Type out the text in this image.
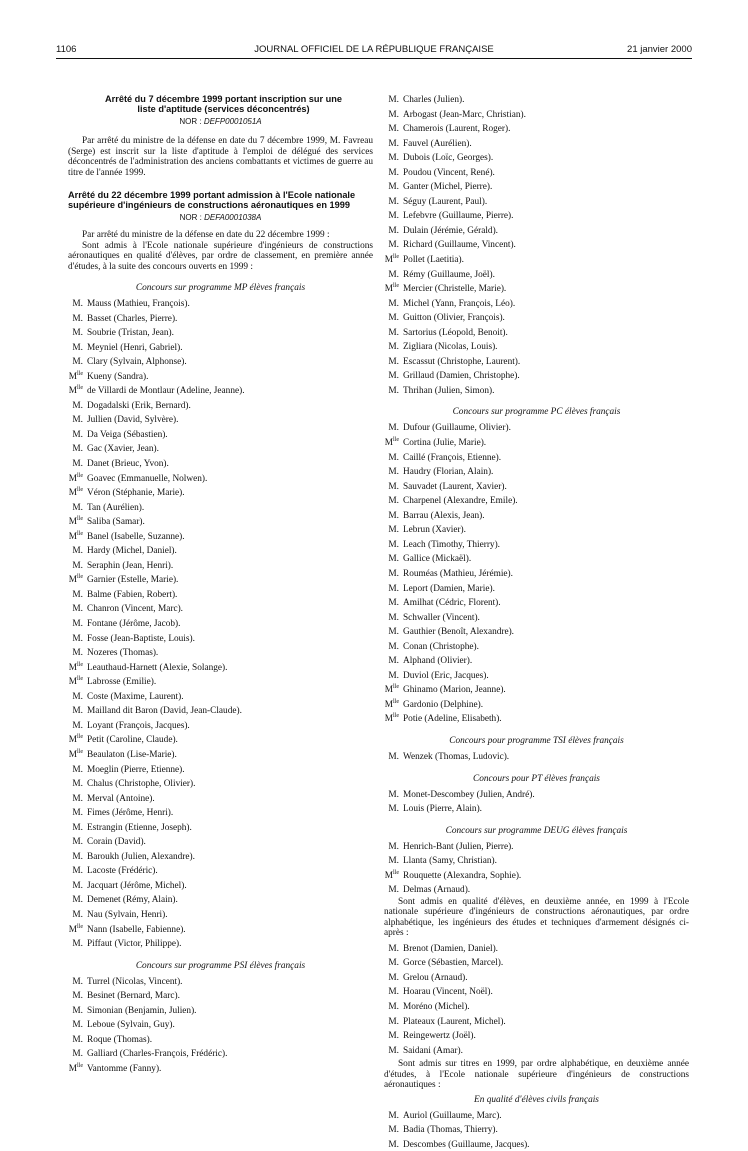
1106	JOURNAL OFFICIEL DE LA RÉPUBLIQUE FRANÇAISE	21 janvier 2000
Arrêté du 7 décembre 1999 portant inscription sur une liste d'aptitude (services déconcentrés)
NOR : DEFP0001051A

Par arrêté du ministre de la défense en date du 7 décembre 1999, M. Favreau (Serge) est inscrit sur la liste d'aptitude à l'emploi de délégué des services déconcentrés de l'administration des anciens combattants et victimes de guerre au titre de l'année 1999.

Arrêté du 22 décembre 1999 portant admission à l'Ecole nationale supérieure d'ingénieurs de constructions aéronautiques en 1999
NOR : DEFA0001038A

Par arrêté du ministre de la défense en date du 22 décembre 1999 :

Sont admis à l'Ecole nationale supérieure d'ingénieurs de constructions aéronautiques en qualité d'élèves, par ordre de classement, en première année d'études, à la suite des concours ouverts en 1999 :

Concours sur programme MP élèves français
M. Mauss (Mathieu, François).
M. Basset (Charles, Pierre).
M. Soubrie (Tristan, Jean).
M. Meyniel (Henri, Gabriel).
M. Clary (Sylvain, Alphonse).
$M^{lle}$ Kueny (Sandra).
$M^{lle}$ de Villardi de Montlaur (Adeline, Jeanne).
M. Dogadalski (Erik, Bernard).
M. Jullien (David, Sylvère).
M. Da Veiga (Sébastien).
M. Gac (Xavier, Jean).
M. Danet (Brieuc, Yvon).
$M^{lle}$ Goavec (Emmanuelle, Nolwen).
$M^{lle}$ Véron (Stéphanie, Marie).
M. Tan (Aurélien).
$M^{lle}$ Saliba (Samar).
$M^{lle}$ Banel (Isabelle, Suzanne).
M. Hardy (Michel, Daniel).
M. Seraphin (Jean, Henri).
$M^{lle}$ Garnier (Estelle, Marie).
M. Balme (Fabien, Robert).
M. Chanron (Vincent, Marc).
M. Fontane (Jérôme, Jacob).
M. Fosse (Jean-Baptiste, Louis).
M. Nozeres (Thomas).
$M^{lle}$ Leauthaud-Harnett (Alexie, Solange).
$M^{lle}$ Labrosse (Emilie).
M. Coste (Maxime, Laurent).
M. Mailland dit Baron (David, Jean-Claude).
M. Loyant (François, Jacques).
$M^{lle}$ Petit (Caroline, Claude).
$M^{lle}$ Beaulaton (Lise-Marie).
M. Moeglin (Pierre, Etienne).
M. Chalus (Christophe, Olivier).
M. Merval (Antoine).
M. Fimes (Jérôme, Henri).
M. Estrangin (Etienne, Joseph).
M. Corain (David).
M. Baroukh (Julien, Alexandre).
M. Lacoste (Frédéric).
M. Jacquart (Jérôme, Michel).
M. Demenet (Rémy, Alain).
M. Nau (Sylvain, Henri).
$M^{lle}$ Nann (Isabelle, Fabienne).
M. Piffaut (Victor, Philippe).
Concours sur programme PSI élèves français
M. Turrel (Nicolas, Vincent).
M. Besinet (Bernard, Marc).
M. Simonian (Benjamin, Julien).
M. Leboue (Sylvain, Guy).
M. Roque (Thomas).
M. Galliard (Charles-François, Frédéric).
$M^{lle}$ Vantomme (Fanny).
M. Charles (Julien).
M. Arbogast (Jean-Marc, Christian).
M. Chamerois (Laurent, Roger).
M. Fauvel (Aurélien).
M. Dubois (Loïc, Georges).
M. Poudou (Vincent, René).
M. Ganter (Michel, Pierre).
M. Séguy (Laurent, Paul).
M. Lefebvre (Guillaume, Pierre).
M. Dulain (Jérémie, Gérald).
M. Richard (Guillaume, Vincent).
$M^{lle}$ Pollet (Laetitia).
M. Rémy (Guillaume, Joël).
$M^{lle}$ Mercier (Christelle, Marie).
M. Michel (Yann, François, Léo).
M. Guitton (Olivier, François).
M. Sartorius (Léopold, Benoit).
M. Zigliara (Nicolas, Louis).
M. Escassut (Christophe, Laurent).
M. Grillaud (Damien, Christophe).
M. Thrihan (Julien, Simon).
Concours sur programme PC élèves français
M. Dufour (Guillaume, Olivier).
$M^{lle}$ Cortina (Julie, Marie).
M. Caillé (François, Etienne).
M. Haudry (Florian, Alain).
M. Sauvadet (Laurent, Xavier).
M. Charpenel (Alexandre, Emile).
M. Barrau (Alexis, Jean).
M. Lebrun (Xavier).
M. Leach (Timothy, Thierry).
M. Gallice (Mickaël).
M. Rouméas (Mathieu, Jérémie).
M. Leport (Damien, Marie).
M. Amilhat (Cédric, Florent).
M. Schwaller (Vincent).
M. Gauthier (Benoît, Alexandre).
M. Conan (Christophe).
M. Alphand (Olivier).
M. Duviol (Eric, Jacques).
$M^{lle}$ Ghinamo (Marion, Jeanne).
$M^{lle}$ Gardonio (Delphine).
$M^{lle}$ Potie (Adeline, Elisabeth).
Concours pour programme TSI élèves français
M. Wenzek (Thomas, Ludovic).
Concours pour PT élèves français
M. Monet-Descombey (Julien, André).
M. Louis (Pierre, Alain).
Concours sur programme DEUG élèves français
M. Henrich-Bant (Julien, Pierre).
M. Llanta (Samy, Christian).
$M^{lle}$ Rouquette (Alexandra, Sophie).
M. Delmas (Arnaud).

Sont admis en qualité d'élèves, en deuxième année, en 1999 à l'Ecole nationale supérieure d'ingénieurs de constructions aéronautiques, par ordre alphabétique, les ingénieurs des études et techniques d'armement désignés ci-après :

M. Brenot (Damien, Daniel).
M. Gorce (Sébastien, Marcel).
M. Grelou (Arnaud).
M. Hoarau (Vincent, Noël).
M. Moréno (Michel).
M. Plateaux (Laurent, Michel).
M. Reingewertz (Joël).
M. Saidani (Amar).

Sont admis sur titres en 1999, par ordre alphabétique, en deuxième année d'études, à l'Ecole nationale supérieure d'ingénieurs de constructions aéronautiques :

En qualité d'élèves civils français
M. Auriol (Guillaume, Marc).
M. Badia (Thomas, Thierry).
M. Descombes (Guillaume, Jacques).
